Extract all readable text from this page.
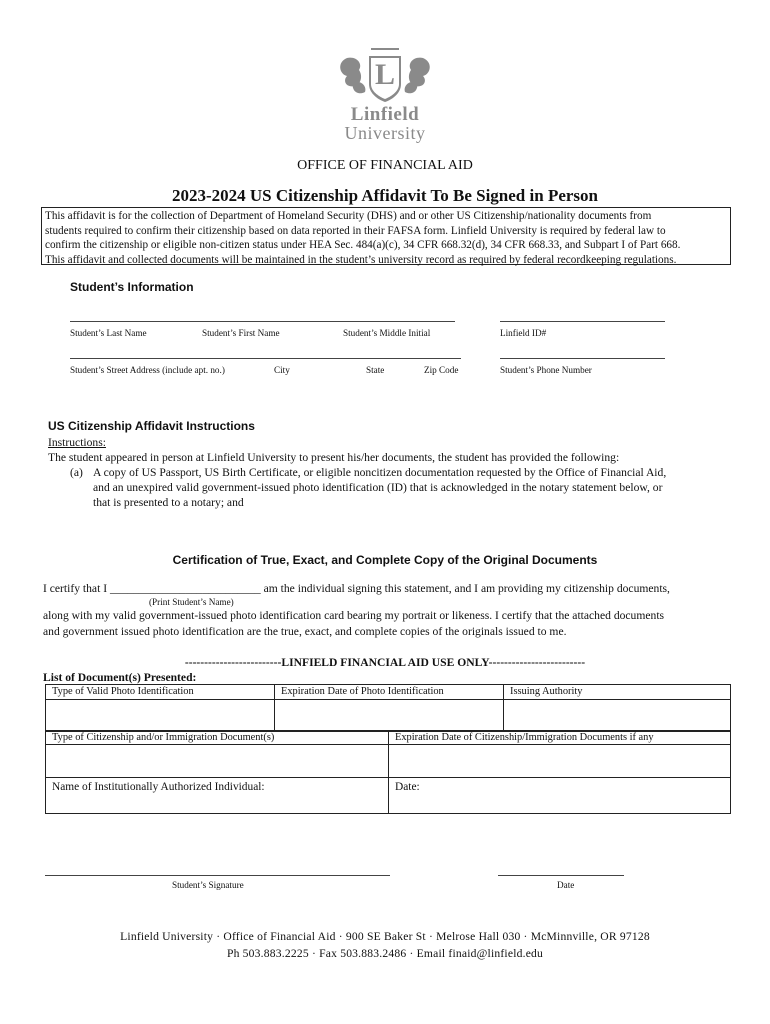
L
Linfield
University
OFFICE OF FINANCIAL AID
2023-2024 US Citizenship Affidavit To Be Signed in Person
This affidavit is for the collection of Department of Homeland Security (DHS) and or other US Citizenship/nationality documents from
students required to confirm their citizenship based on data reported in their FAFSA form. Linfield University is required by federal law to
confirm the citizenship or eligible non-citizen status under HEA Sec. 484(a)(c), 34 CFR 668.32(d), 34 CFR 668.33, and Subpart I of Part 668.
This affidavit and collected documents will be maintained in the student’s university record as required by federal recordkeeping regulations.
Student’s Information
Student’s Last Name	Student’s First Name	Student’s Middle Initial	Linfield ID#
Student’s Street Address (include apt. no.)	City	State	Zip Code	Student’s Phone Number
US Citizenship Affidavit Instructions
Instructions:
The student appeared in person at Linfield University to present his/her documents, the student has provided the following:
(a) A copy of US Passport, US Birth Certificate, or eligible noncitizen documentation requested by the Office of Financial Aid,
and an unexpired valid government-issued photo identification (ID) that is acknowledged in the notary statement below, or
that is presented to a notary; and
Certification of True, Exact, and Complete Copy of the Original Documents
I certify that I __________________________ am the individual signing this statement, and I am providing my citizenship documents,
(Print Student’s Name)
along with my valid government-issued photo identification card bearing my portrait or likeness. I certify that the attached documents
and government issued photo identification are the true, exact, and complete copies of the originals issued to me.
-------------------------LINFIELD FINANCIAL AID USE ONLY-------------------------
List of Document(s) Presented:
Type of Valid Photo Identification	Expiration Date of Photo Identification	Issuing Authority

Type of Citizenship and/or Immigration Document(s)	Expiration Date of Citizenship/Immigration Documents if any

Name of Institutionally Authorized Individual:	Date:
Student’s Signature	Date
Linfield University · Office of Financial Aid · 900 SE Baker St · Melrose Hall 030 · McMinnville, OR 97128
Ph 503.883.2225 · Fax 503.883.2486 · Email finaid@linfield.edu
